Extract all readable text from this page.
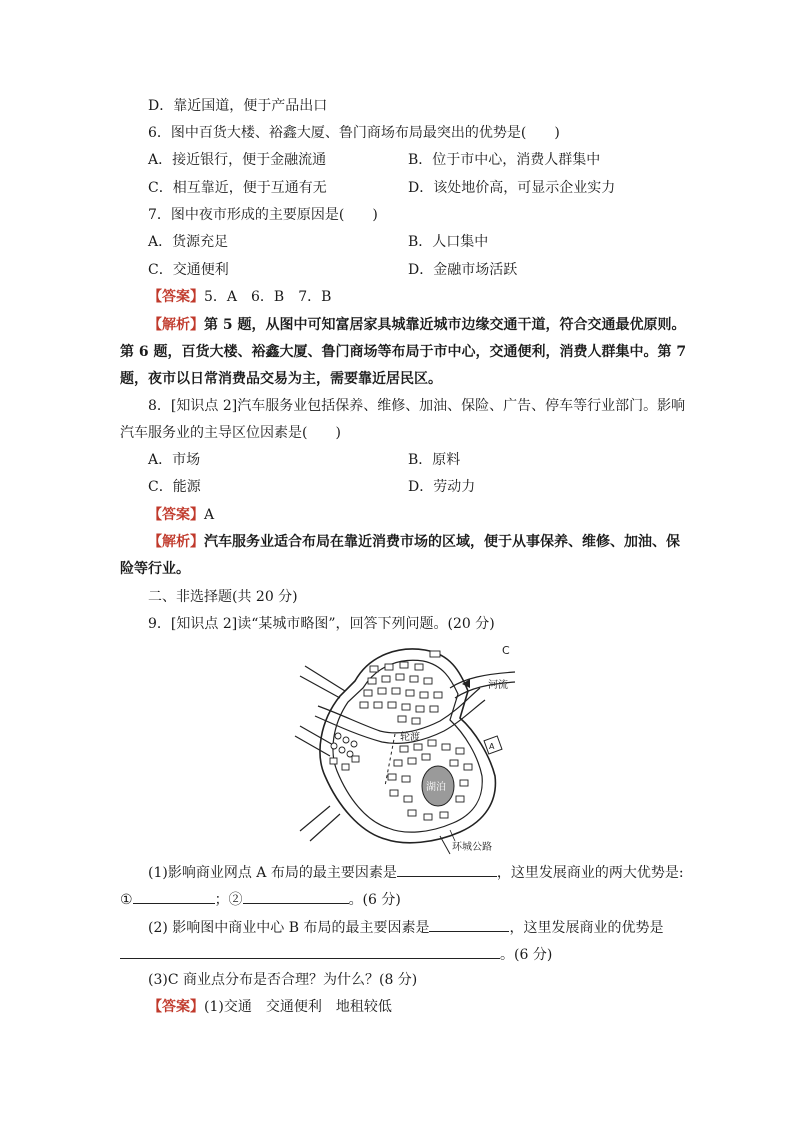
D．靠近国道，便于产品出口
6．图中百货大楼、裕鑫大厦、鲁门商场布局最突出的优势是(　　)
A．接近银行，便于金融流通	B．位于市中心，消费人群集中
C．相互靠近，便于互通有无	D．该处地价高，可显示企业实力
7．图中夜市形成的主要原因是(　　)
A．货源充足	B．人口集中
C．交通便利	D．金融市场活跃
【答案】5．A　6．B　7．B
【解析】第 5 题，从图中可知富居家具城靠近城市边缘交通干道，符合交通最优原则。
第 6 题，百货大楼、裕鑫大厦、鲁门商场等布局于市中心，交通便利，消费人群集中。第 7
题，夜市以日常消费品交易为主，需要靠近居民区。
8．[知识点 2]汽车服务业包括保养、维修、加油、保险、广告、停车等行业部门。影响
汽车服务业的主导区位因素是(　　)
A．市场	B．原料
C．能源	D．劳动力
【答案】A
【解析】汽车服务业适合布局在靠近消费市场的区域，便于从事保养、维修、加油、保
险等行业。
二、非选择题(共 20 分)
9．[知识点 2]读“某城市略图”，回答下列问题。(20 分)
C
河流
轮渡
A
湖泊
环城公路
(1)影响商业网点 A 布局的最主要因素是	，这里发展商业的两大优势是:
①	；②	。(6 分)
(2) 影响图中商业中心 B 布局的最主要因素是	，这里发展商业的优势是
。(6 分)
(3)C 商业点分布是否合理？为什么？(8 分)
【答案】(1)交通　交通便利　地租较低
